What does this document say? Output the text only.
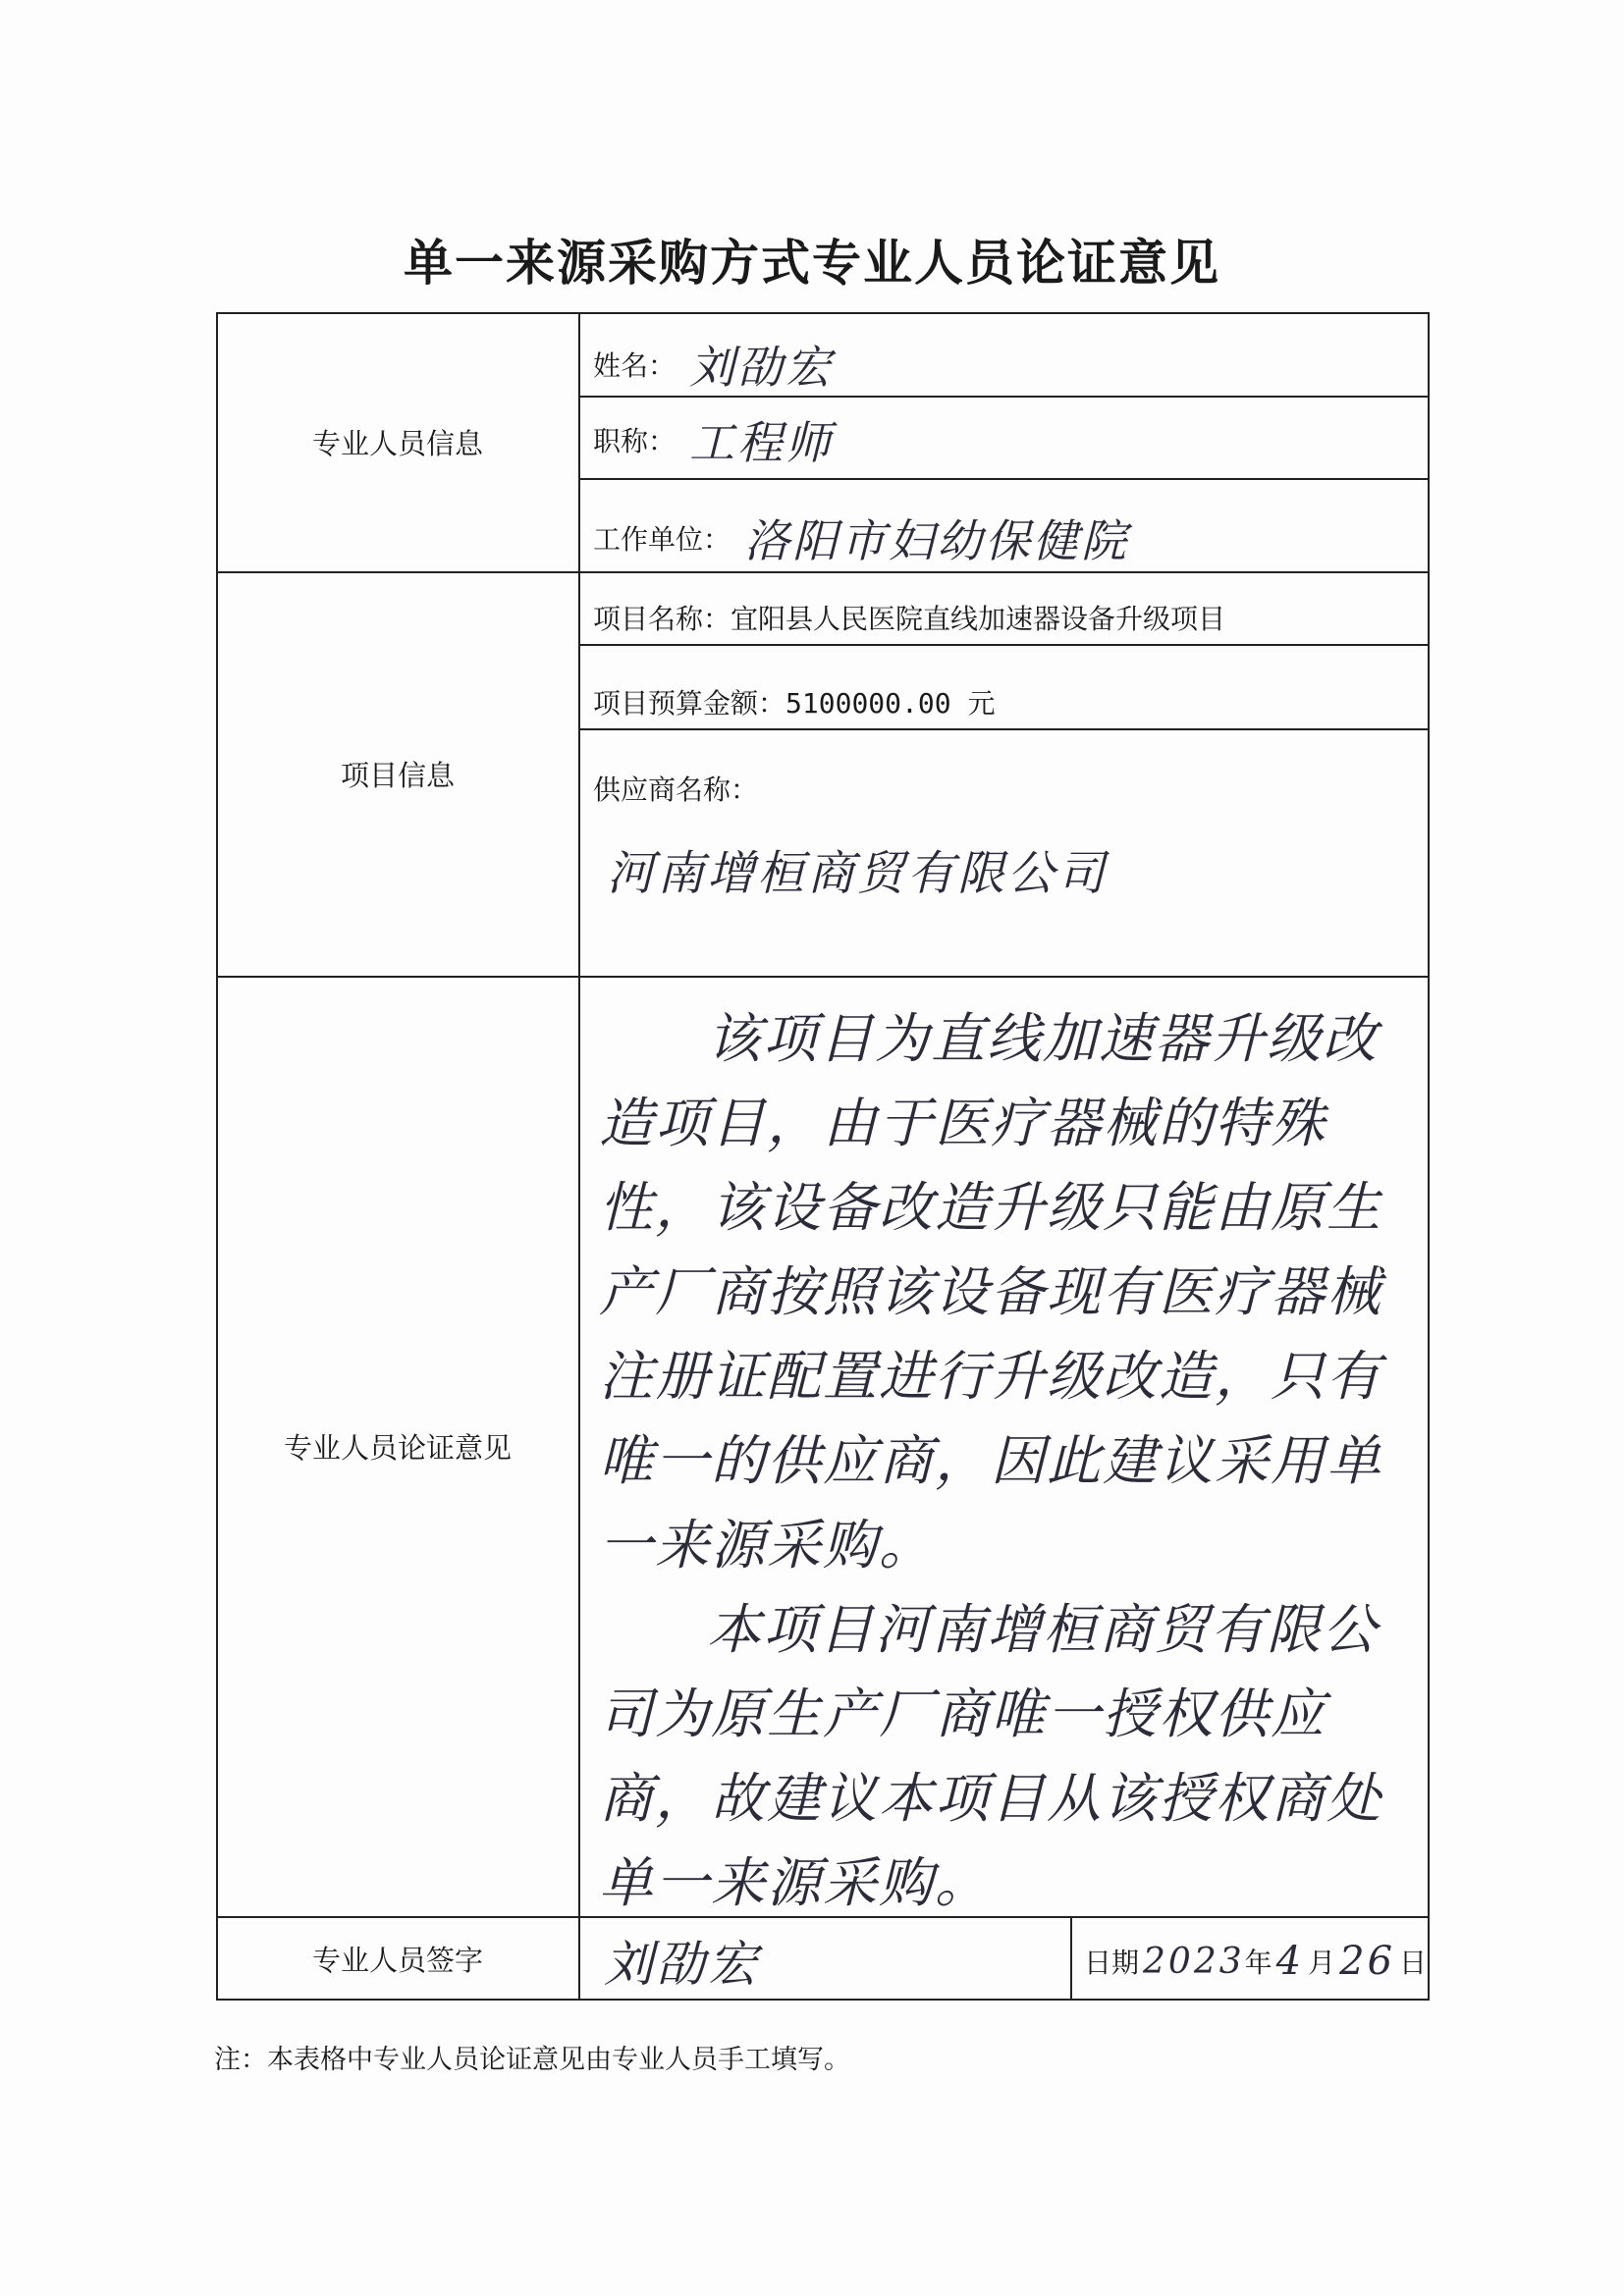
单一来源采购方式专业人员论证意见
专业人员信息
项目信息
专业人员论证意见
专业人员签字
姓名： 刘劭宏
职称： 工程师
工作单位： 洛阳市妇幼保健院
项目名称： 宜阳县人民医院直线加速器设备升级项目
项目预算金额： 5100000.00 元
供应商名称：
河南增桓商贸有限公司

该项目为直线加速器升级改造项目，由于医疗器械的特殊性，该设备改造升级只能由原生产厂商按照该设备现有医疗器械注册证配置进行升级改造，只有唯一的供应商，因此建议采用单一来源采购。

本项目河南增桓商贸有限公司为原生产厂商唯一授权供应商，故建议本项目从该授权商处单一来源采购。

刘劭宏	日期 2023 年 4 月 26 日
注：本表格中专业人员论证意见由专业人员手工填写。
